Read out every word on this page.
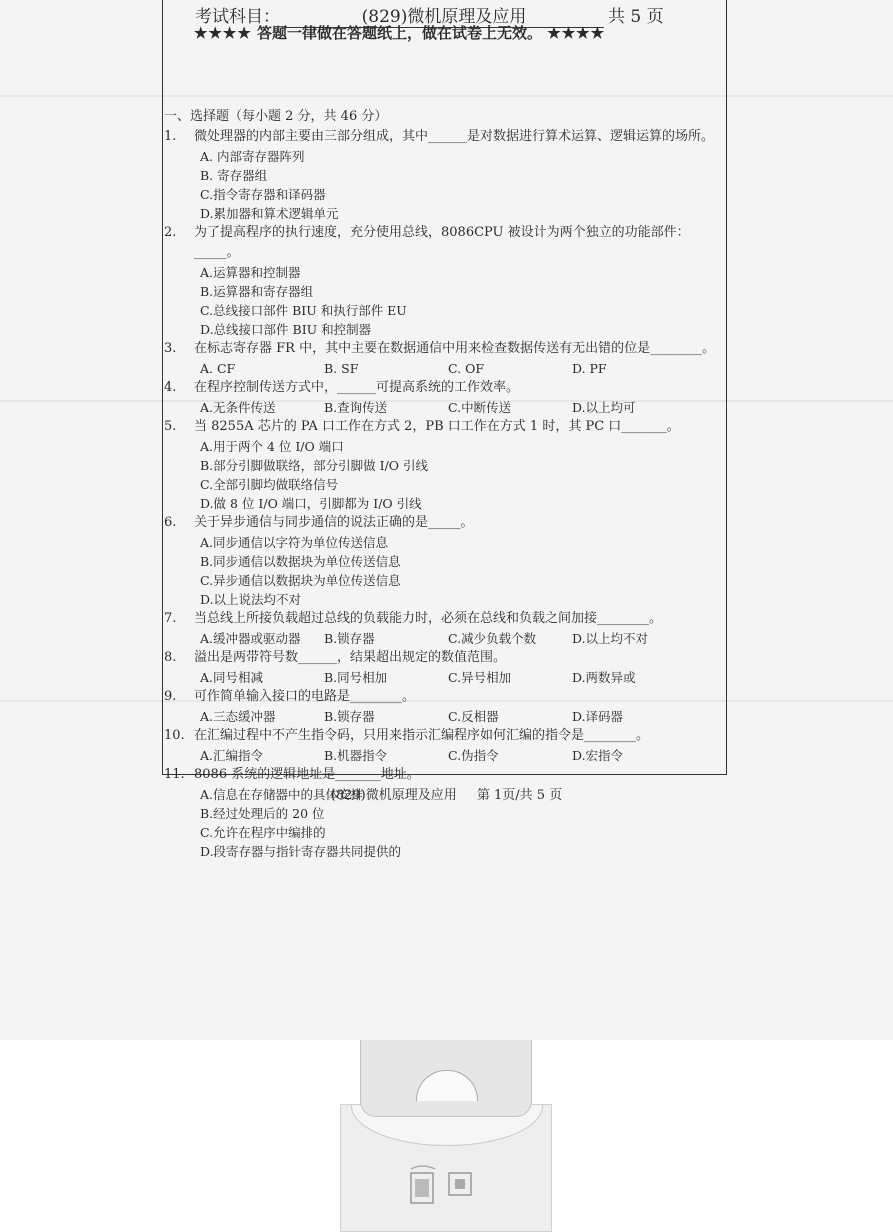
考试科目：	(829)微机原理及应用	共 5 页
★★★★ 答题一律做在答题纸上，做在试卷上无效。 ★★★★
一、选择题（每小题 2 分，共 46 分）
1.	微处理器的内部主要由三部分组成，其中______是对数据进行算术运算、逻辑运算的场所。
A. 内部寄存器阵列
B. 寄存器组
C.指令寄存器和译码器
D.累加器和算术逻辑单元
2.	为了提高程序的执行速度，充分使用总线，8086CPU 被设计为两个独立的功能部件：_____。
A.运算器和控制器
B.运算器和寄存器组
C.总线接口部件 BIU 和执行部件 EU
D.总线接口部件 BIU 和控制器
3.	在标志寄存器 FR 中，其中主要在数据通信中用来检查数据传送有无出错的位是________。
A. CF	B. SF	C. OF	D. PF
4.	在程序控制传送方式中，______可提高系统的工作效率。
A.无条件传送	B.查询传送	C.中断传送	D.以上均可
5.	当 8255A 芯片的 PA 口工作在方式 2，PB 口工作在方式 1 时，其 PC 口_______。
A.用于两个 4 位 I/O 端口
B.部分引脚做联络，部分引脚做 I/O 引线
C.全部引脚均做联络信号
D.做 8 位 I/O 端口，引脚都为 I/O 引线
6.	关于异步通信与同步通信的说法正确的是_____。
A.同步通信以字符为单位传送信息
B.同步通信以数据块为单位传送信息
C.异步通信以数据块为单位传送信息
D.以上说法均不对
7.	当总线上所接负载超过总线的负载能力时，必须在总线和负载之间加接________。
A.缓冲器或驱动器	B.锁存器	C.减少负载个数	D.以上均不对
8.	溢出是两带符号数______，结果超出规定的数值范围。
A.同号相减	B.同号相加	C.异号相加	D.两数异或
9.	可作简单输入接口的电路是________。
A.三态缓冲器	B.锁存器	C.反相器	D.译码器
10. 在汇编过程中不产生指令码，只用来指示汇编程序如何汇编的指令是________。
A.汇编指令	B.机器指令	C.伪指令	D.宏指令
11. 8086 系统的逻辑地址是_______地址。
A.信息在存储器中的具体安排
B.经过处理后的 20 位
C.允许在程序中编排的
D.段寄存器与指针寄存器共同提供的
(829)微机原理及应用 第 1页/共 5 页
